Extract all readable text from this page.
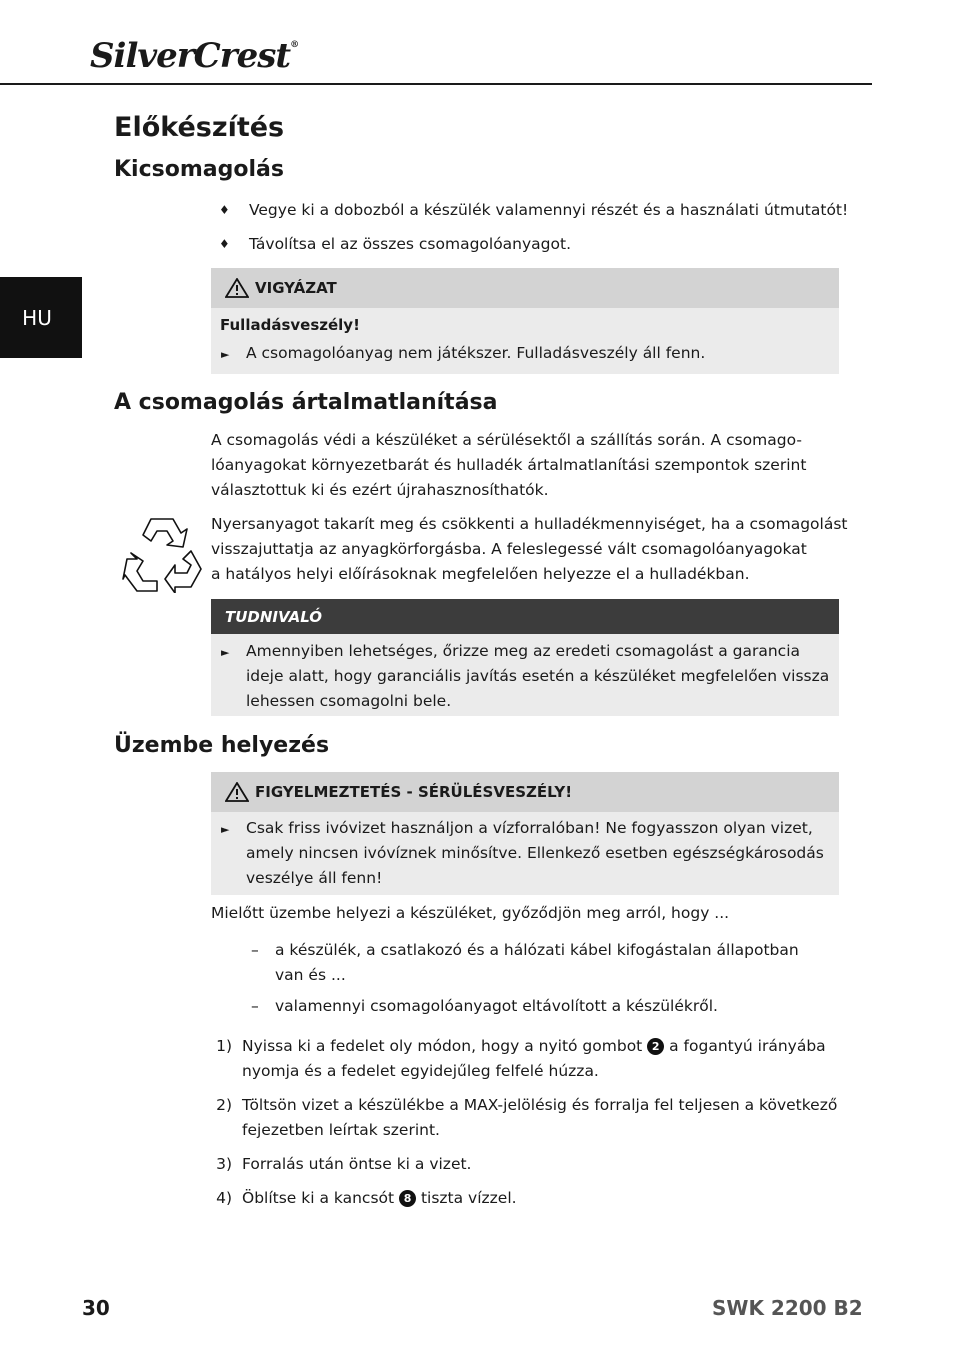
SilverCrest®
HU
Előkészítés
Kicsomagolás
♦	Vegye ki a dobozból a készülék valamennyi részét és a használati útmutatót!
♦	Távolítsa el az összes csomagolóanyagot.
VIGYÁZAT
Fulladásveszély!
►	A csomagolóanyag nem játékszer. Fulladásveszély áll fenn.
A csomagolás ártalmatlanítása
A csomagolás védi a készüléket a sérülésektől a szállítás során. A csomago-
lóanyagokat környezetbarát és hulladék ártalmatlanítási szempontok szerint
választottuk ki és ezért újrahasznosíthatók.
Nyersanyagot takarít meg és csökkenti a hulladékmennyiséget, ha a csomagolást
visszajuttatja az anyagkörforgásba. A feleslegessé vált csomagolóanyagokat
a hatályos helyi előírásoknak megfelelően helyezze el a hulladékban.
TUDNIVALÓ
►	Amennyiben lehetséges, őrizze meg az eredeti csomagolást a garancia
ideje alatt, hogy garanciális javítás esetén a készüléket megfelelően vissza
lehessen csomagolni bele.
Üzembe helyezés
FIGYELMEZTETÉS - SÉRÜLÉSVESZÉLY!
►	Csak friss ivóvizet használjon a vízforralóban! Ne fogyasszon olyan vizet,
amely nincsen ivóvíznek minősítve. Ellenkező esetben egészségkárosodás
veszélye áll fenn!
Mielőtt üzembe helyezi a készüléket, győződjön meg arról, hogy ...
–	a készülék, a csatlakozó és a hálózati kábel kifogástalan állapotban
van és ...
–	valamennyi csomagolóanyagot eltávolított a készülékről.
1) Nyissa ki a fedelet oly módon, hogy a nyitó gombot 2 a fogantyú irányába
nyomja és a fedelet egyidejűleg felfelé húzza.
2) Töltsön vizet a készülékbe a MAX-jelölésig és forralja fel teljesen a következő
fejezetben leírtak szerint.
3) Forralás után öntse ki a vizet.
4) Öblítse ki a kancsót 8 tiszta vízzel.
30	SWK 2200 B2
